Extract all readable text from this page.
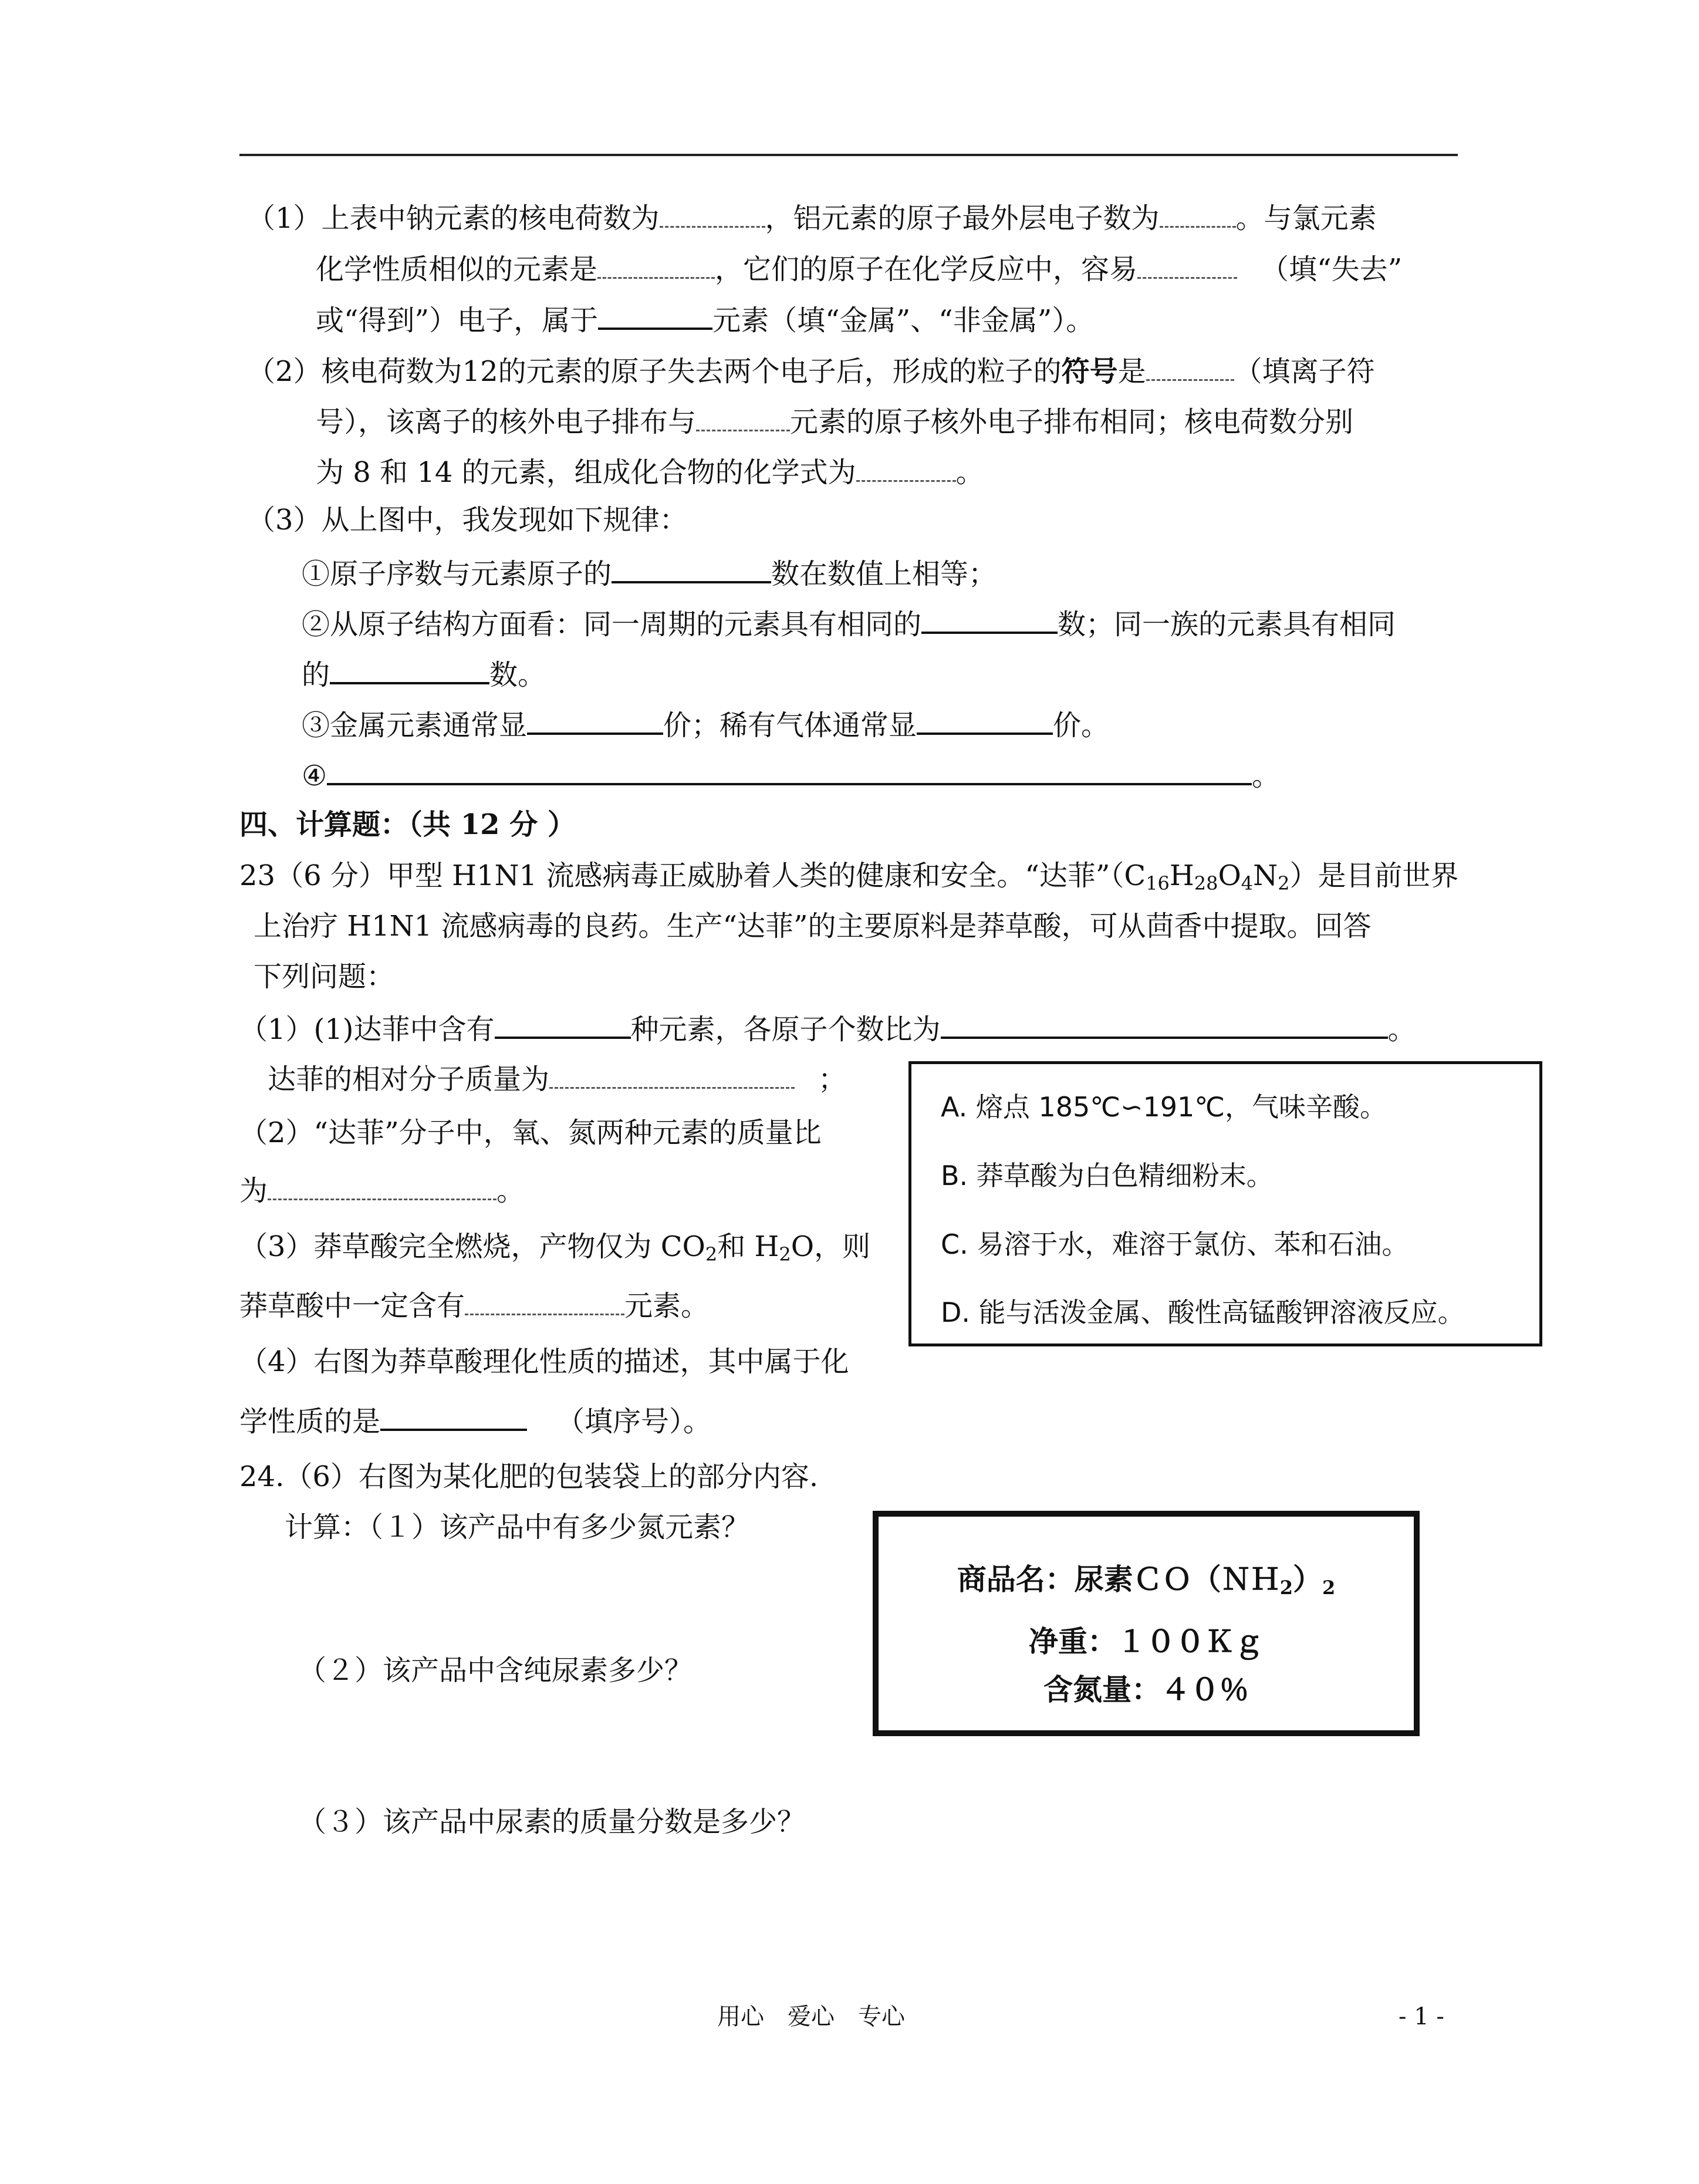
（1）上表中钠元素的核电荷数为	，铝元素的原子最外层电子数为	。与氯元素
化学性质相似的元素是	，它们的原子在化学反应中，容易	（填“失去”
或“得到”）电子，属于	元素（填“金属”、“非金属”）。
（2）核电荷数为12的元素的原子失去两个电子后，形成的粒子的符号是	（填离子符
号），该离子的核外电子排布与	元素的原子核外电子排布相同；核电荷数分别
为 8 和 14 的元素，组成化合物的化学式为	。
（3）从上图中，我发现如下规律：
①原子序数与元素原子的	数在数值上相等；
②从原子结构方面看：同一周期的元素具有相同的	数；同一族的元素具有相同
的	数。
③金属元素通常显	价；稀有气体通常显	价。
④	。
四、计算题：（共 12 分 ）
23（6 分）甲型 H1N1 流感病毒正威胁着人类的健康和安全。“达菲$”(C_{16}H_{28}O_4N_2)$是目前世界
上治疗 H1N1 流感病毒的良药。生产“达菲”的主要原料是莽草酸，可从茴香中提取。回答
下列问题：
（1）(1)达菲中含有	种元素，各原子个数比为	。
达菲的相对分子质量为	；
（2）“达菲”分子中，氧、氮两种元素的质量比
为	。
（3）莽草酸完全燃烧，产物仅为 $CO_2$和 $H_2O$，则
莽草酸中一定含有	元素。
（4）右图为莽草酸理化性质的描述，其中属于化
学性质的是	（填序号）。
A. 熔点 185℃∽191℃，气味辛酸。
B. 莽草酸为白色精细粉末。
C. 易溶于水，难溶于氯仿、苯和石油。
D. 能与活泼金属、酸性高锰酸钾溶液反应。
24.（6）右图为某化肥的包装袋上的部分内容.
计算：（１）该产品中有多少氮元素？
（２）该产品中含纯尿素多少？
（３）该产品中尿素的质量分数是多少？
商品名：尿素$CO(NH_2)_2$
净重：１００Ｋｇ
含氮量：４０％
用心　爱心　专心	- 1 -
